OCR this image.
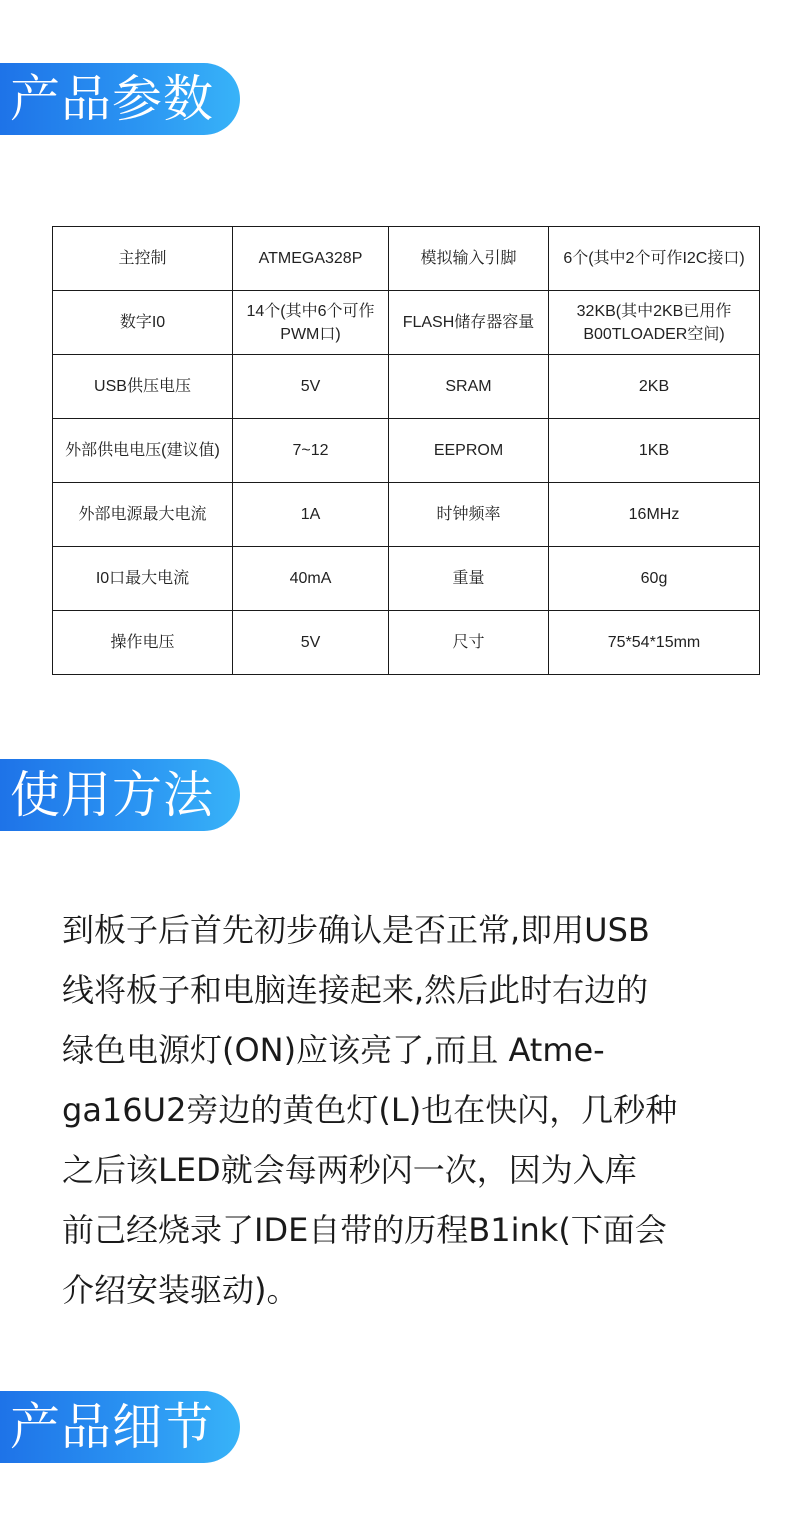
产品参数
主控制	ATMEGA328P	模拟输入引脚	6个(其中2个可作I2C接口)
数字I0	14个(其中6个可作PWM口)	FLASH储存器容量	32KB(其中2KB已用作B00TLOADER空间)
USB供压电压	5V	SRAM	2KB
外部供电电压(建议值)	7~12	EEPROM	1KB
外部电源最大电流	1A	时钟频率	16MHz
I0口最大电流	40mA	重量	60g
操作电压	5V	尺寸	75*54*15mm
使用方法
到板子后首先初步确认是否正常,即用USB
线将板子和电脑连接起来,然后此时右边的
绿色电源灯(ON)应该亮了,而且 Atme-
ga16U2旁边的黄色灯(L)也在快闪，几秒种
之后该LED就会每两秒闪一次，因为入库
前己经烧录了IDE自带的历程B1ink(下面会
介绍安装驱动)。
产品细节
